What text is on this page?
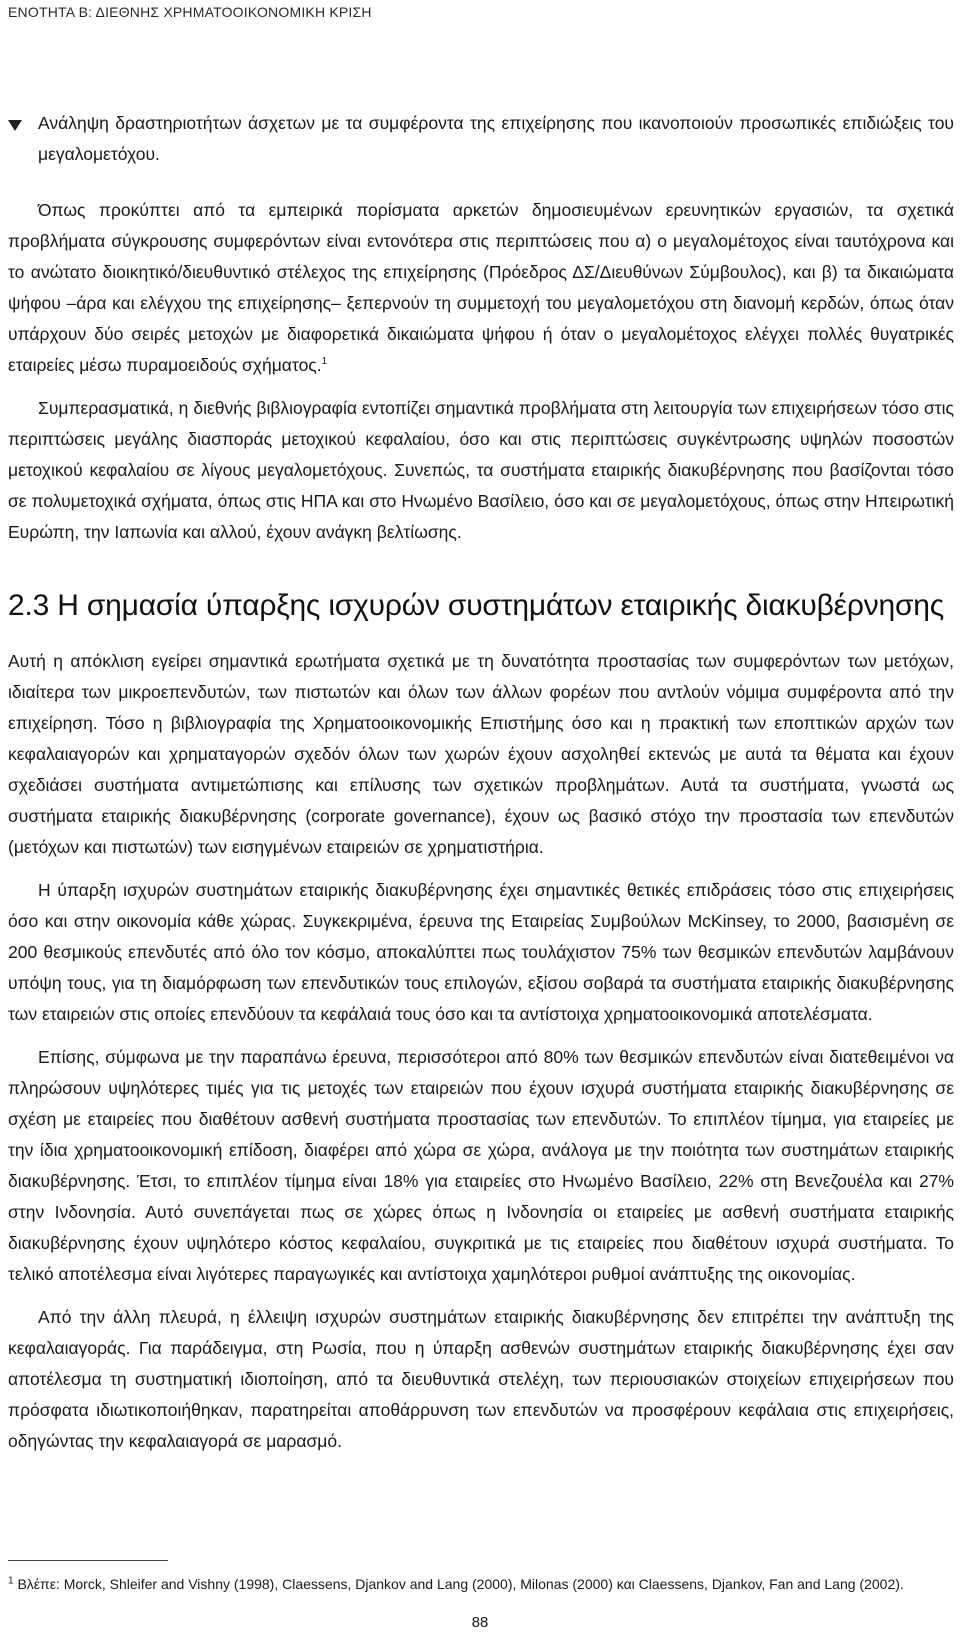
ΕΝΟΤΗΤΑ Β: ΔΙΕΘΝΗΣ ΧΡΗΜΑΤΟΟΙΚΟΝΟΜΙΚΗ ΚΡΙΣΗ

Ανάληψη δραστηριοτήτων άσχετων με τα συμφέροντα της επιχείρησης που ικανοποιούν προσωπικές επιδιώξεις του μεγαλομετόχου.

Όπως προκύπτει από τα εμπειρικά πορίσματα αρκετών δημοσιευμένων ερευνητικών εργασιών, τα σχετικά προβλήματα σύγκρουσης συμφερόντων είναι εντονότερα στις περιπτώσεις που α) ο μεγαλομέτοχος είναι ταυτόχρονα και το ανώτατο διοικητικό/διευθυντικό στέλεχος της επιχείρησης (Πρόεδρος ΔΣ/Διευθύνων Σύμβουλος), και β) τα δικαιώματα ψήφου –άρα και ελέγχου της επιχείρησης– ξεπερνούν τη συμμετοχή του μεγαλομετόχου στη διανομή κερδών, όπως όταν υπάρχουν δύο σειρές μετοχών με διαφορετικά δικαιώματα ψήφου ή όταν ο μεγαλομέτοχος ελέγχει πολλές θυγατρικές εταιρείες μέσω πυραμοειδούς σχήματος.$^1$

Συμπερασματικά, η διεθνής βιβλιογραφία εντοπίζει σημαντικά προβλήματα στη λειτουργία των επιχειρήσεων τόσο στις περιπτώσεις μεγάλης διασποράς μετοχικού κεφαλαίου, όσο και στις περιπτώσεις συγκέντρωσης υψηλών ποσοστών μετοχικού κεφαλαίου σε λίγους μεγαλομετόχους. Συνεπώς, τα συστήματα εταιρικής διακυβέρνησης που βασίζονται τόσο σε πολυμετοχικά σχήματα, όπως στις ΗΠΑ και στο Ηνωμένο Βασίλειο, όσο και σε μεγαλομετόχους, όπως στην Ηπειρωτική Ευρώπη, την Ιαπωνία και αλλού, έχουν ανάγκη βελτίωσης.

2.3 Η σημασία ύπαρξης ισχυρών συστημάτων εταιρικής διακυβέρνησης

Αυτή η απόκλιση εγείρει σημαντικά ερωτήματα σχετικά με τη δυνατότητα προστασίας των συμφερόντων των μετόχων, ιδιαίτερα των μικροεπενδυτών, των πιστωτών και όλων των άλλων φορέων που αντλούν νόμιμα συμφέροντα από την επιχείρηση. Τόσο η βιβλιογραφία της Χρηματοοικονομικής Επιστήμης όσο και η πρακτική των εποπτικών αρχών των κεφαλαιαγορών και χρηματαγορών σχεδόν όλων των χωρών έχουν ασχοληθεί εκτενώς με αυτά τα θέματα και έχουν σχεδιάσει συστήματα αντιμετώπισης και επίλυσης των σχετικών προβλημάτων. Αυτά τα συστήματα, γνωστά ως συστήματα εταιρικής διακυβέρνησης (corporate governance), έχουν ως βασικό στόχο την προστασία των επενδυτών (μετόχων και πιστωτών) των εισηγμένων εταιρειών σε χρηματιστήρια.

Η ύπαρξη ισχυρών συστημάτων εταιρικής διακυβέρνησης έχει σημαντικές θετικές επιδράσεις τόσο στις επιχειρήσεις όσο και στην οικονομία κάθε χώρας. Συγκεκριμένα, έρευνα της Εταιρείας Συμβούλων McKinsey, το 2000, βασισμένη σε 200 θεσμικούς επενδυτές από όλο τον κόσμο, αποκαλύπτει πως τουλάχιστον 75% των θεσμικών επενδυτών λαμβάνουν υπόψη τους, για τη διαμόρφωση των επενδυτικών τους επιλογών, εξίσου σοβαρά τα συστήματα εταιρικής διακυβέρνησης των εταιρειών στις οποίες επενδύουν τα κεφάλαιά τους όσο και τα αντίστοιχα χρηματοοικονομικά αποτελέσματα.

Επίσης, σύμφωνα με την παραπάνω έρευνα, περισσότεροι από 80% των θεσμικών επενδυτών είναι διατεθειμένοι να πληρώσουν υψηλότερες τιμές για τις μετοχές των εταιρειών που έχουν ισχυρά συστήματα εταιρικής διακυβέρνησης σε σχέση με εταιρείες που διαθέτουν ασθενή συστήματα προστασίας των επενδυτών. Το επιπλέον τίμημα, για εταιρείες με την ίδια χρηματοοικονομική επίδοση, διαφέρει από χώρα σε χώρα, ανάλογα με την ποιότητα των συστημάτων εταιρικής διακυβέρνησης. Έτσι, το επιπλέον τίμημα είναι 18% για εταιρείες στο Ηνωμένο Βασίλειο, 22% στη Βενεζουέλα και 27% στην Ινδονησία. Αυτό συνεπάγεται πως σε χώρες όπως η Ινδονησία οι εταιρείες με ασθενή συστήματα εταιρικής διακυβέρνησης έχουν υψηλότερο κόστος κεφαλαίου, συγκριτικά με τις εταιρείες που διαθέτουν ισχυρά συστήματα. Το τελικό αποτέλεσμα είναι λιγότερες παραγωγικές και αντίστοιχα χαμηλότεροι ρυθμοί ανάπτυξης της οικονομίας.

Από την άλλη πλευρά, η έλλειψη ισχυρών συστημάτων εταιρικής διακυβέρνησης δεν επιτρέπει την ανάπτυξη της κεφαλαιαγοράς. Για παράδειγμα, στη Ρωσία, που η ύπαρξη ασθενών συστημάτων εταιρικής διακυβέρνησης έχει σαν αποτέλεσμα τη συστηματική ιδιοποίηση, από τα διευθυντικά στελέχη, των περιουσιακών στοιχείων επιχειρήσεων που πρόσφατα ιδιωτικοποιήθηκαν, παρατηρείται αποθάρρυνση των επενδυτών να προσφέρουν κεφάλαια στις επιχειρήσεις, οδηγώντας την κεφαλαιαγορά σε μαρασμό.

$^1$ Βλέπε: Morck, Shleifer and Vishny (1998), Claessens, Djankov and Lang (2000), Milonas (2000) και Claessens, Djankov, Fan and Lang (2002).
88
